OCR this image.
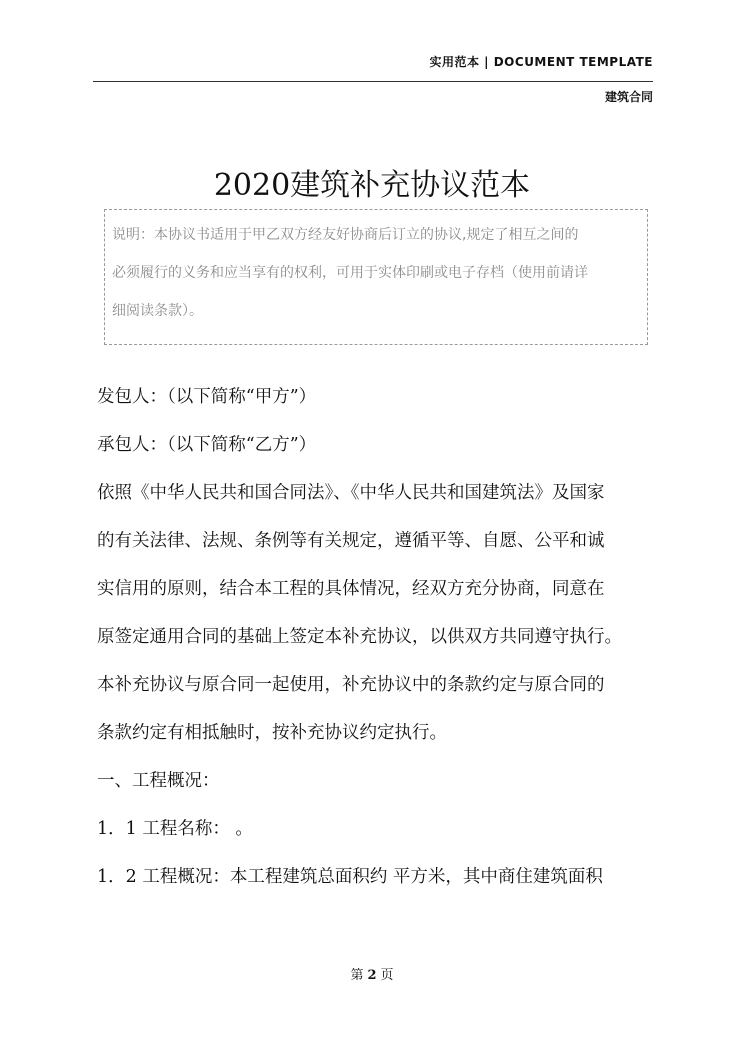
实用范本 | DOCUMENT TEMPLATE
建筑合同
2020建筑补充协议范本
说明：本协议书适用于甲乙双方经友好协商后订立的协议,规定了相互之间的
必须履行的义务和应当享有的权利，可用于实体印刷或电子存档（使用前请详
细阅读条款）。
发包人：（以下简称“甲方”）
承包人：（以下简称“乙方”）
依照《中华人民共和国合同法》、《中华人民共和国建筑法》及国家
的有关法律、法规、条例等有关规定，遵循平等、自愿、公平和诚
实信用的原则，结合本工程的具体情况，经双方充分协商，同意在
原签定通用合同的基础上签定本补充协议，以供双方共同遵守执行。
本补充协议与原合同一起使用，补充协议中的条款约定与原合同的
条款约定有相抵触时，按补充协议约定执行。
一、工程概况：
1．1 工程名称： 。
1．2 工程概况：本工程建筑总面积约 平方米，其中商住建筑面积
第 2 页
